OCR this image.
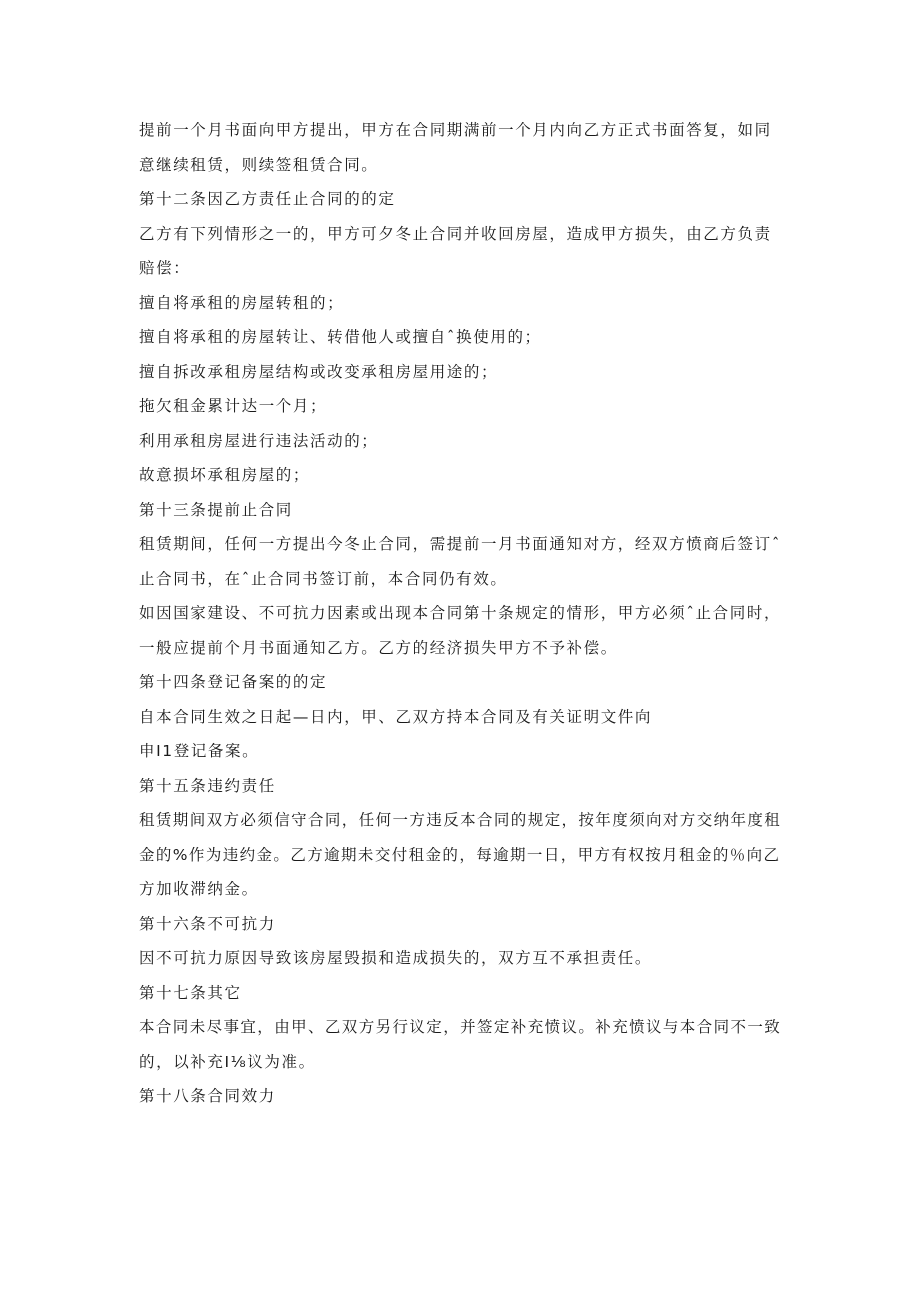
提前一个月书面向甲方提出，甲方在合同期满前一个月内向乙方正式书面答复，如同
意继续租赁，则续签租赁合同。
第十二条因乙方责任止合同的的定
乙方有下列情形之一的，甲方可夕冬止合同并收回房屋，造成甲方损失，由乙方负责
赔偿：
擅自将承租的房屋转租的；
擅自将承租的房屋转让、转借他人或擅自ˆ换使用的；
擅自拆改承租房屋结构或改变承租房屋用途的；
拖欠租金累计达一个月；
利用承租房屋进行违法活动的；
故意损坏承租房屋的；
第十三条提前止合同
租赁期间，任何一方提出今冬止合同，需提前一月书面通知对方，经双方愤商后签订ˆ
止合同书，在ˆ止合同书签订前，本合同仍有效。
如因国家建设、不可抗力因素或出现本合同第十条规定的情形，甲方必须ˆ止合同时，
一般应提前个月书面通知乙方。乙方的经济损失甲方不予补偿。
第十四条登记备案的的定
自本合同生效之日起—日内，甲、乙双方持本合同及有关证明文件向
申I1登记备案。
第十五条违约责任
租赁期间双方必须信守合同，任何一方违反本合同的规定，按年度须向对方交纳年度租
金的%作为违约金。乙方逾期未交付租金的，每逾期一日，甲方有权按月租金的％向乙
方加收滞纳金。
第十六条不可抗力
因不可抗力原因导致该房屋毁损和造成损失的，双方互不承担责任。
第十七条其它
本合同未尽事宜，由甲、乙双方另行议定，并签定补充愤议。补充愤议与本合同不一致
的，以补充I⅛议为准。
第十八条合同效力
